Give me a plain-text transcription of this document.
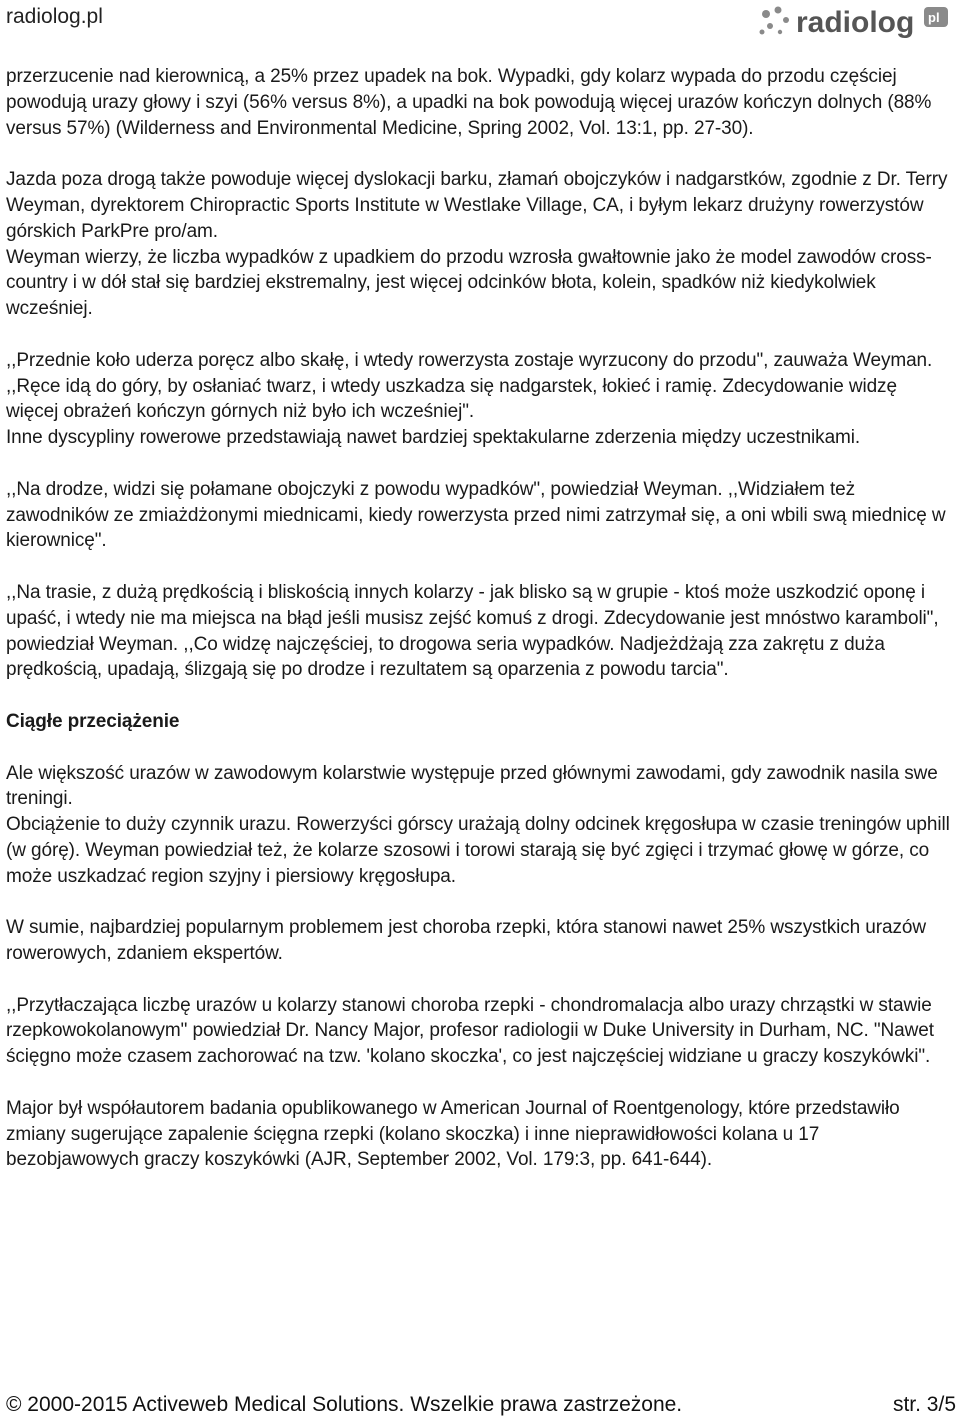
radiolog.pl	radiolog pl

przerzucenie nad kierownicą, a 25% przez upadek na bok. Wypadki, gdy kolarz wypada do przodu częściej powodują urazy głowy i szyi (56% versus 8%), a upadki na bok powodują więcej urazów kończyn dolnych (88% versus 57%) (Wilderness and Environmental Medicine, Spring 2002, Vol. 13:1, pp. 27-30).

Jazda poza drogą także powoduje więcej dyslokacji barku, złamań obojczyków i nadgarstków, zgodnie z Dr. Terry Weyman, dyrektorem Chiropractic Sports Institute w Westlake Village, CA, i byłym lekarz drużyny rowerzystów górskich ParkPre pro/am.

Weyman wierzy, że liczba wypadków z upadkiem do przodu wzrosła gwałtownie jako że model zawodów cross-country i w dół stał się bardziej ekstremalny, jest więcej odcinków błota, kolein, spadków niż kiedykolwiek wcześniej.

,,Przednie koło uderza poręcz albo skałę, i wtedy rowerzysta zostaje wyrzucony do przodu", zauważa Weyman. ,,Ręce idą do góry, by osłaniać twarz, i wtedy uszkadza się nadgarstek, łokieć i ramię. Zdecydowanie widzę więcej obrażeń kończyn górnych niż było ich wcześniej".

Inne dyscypliny rowerowe przedstawiają nawet bardziej spektakularne zderzenia między uczestnikami.

,,Na drodze, widzi się połamane obojczyki z powodu wypadków", powiedział Weyman. ,,Widziałem też zawodników ze zmiażdżonymi miednicami, kiedy rowerzysta przed nimi zatrzymał się, a oni wbili swą miednicę w kierownicę".

,,Na trasie, z dużą prędkością i bliskością innych kolarzy - jak blisko są w grupie - ktoś może uszkodzić oponę i upaść, i wtedy nie ma miejsca na błąd jeśli musisz zejść komuś z drogi. Zdecydowanie jest mnóstwo karamboli", powiedział Weyman. ,,Co widzę najczęściej, to drogowa seria wypadków. Nadjeżdżają zza zakrętu z duża prędkością, upadają, ślizgają się po drodze i rezultatem są oparzenia z powodu tarcia".

Ciągłe przeciążenie

Ale większość urazów w zawodowym kolarstwie występuje przed głównymi zawodami, gdy zawodnik nasila swe treningi.

Obciążenie to duży czynnik urazu. Rowerzyści górscy urażają dolny odcinek kręgosłupa w czasie treningów uphill (w górę). Weyman powiedział też, że kolarze szosowi i torowi starają się być zgięci i trzymać głowę w górze, co może uszkadzać region szyjny i piersiowy kręgosłupa.

W sumie, najbardziej popularnym problemem jest choroba rzepki, która stanowi nawet 25% wszystkich urazów rowerowych, zdaniem ekspertów.

,,Przytłaczająca liczbę urazów u kolarzy stanowi choroba rzepki - chondromalacja albo urazy chrząstki w stawie rzepkowokolanowym" powiedział Dr. Nancy Major, profesor radiologii w Duke University in Durham, NC. "Nawet ścięgno może czasem zachorować na tzw. 'kolano skoczka', co jest najczęściej widziane u graczy koszykówki".

Major był współautorem badania opublikowanego w American Journal of Roentgenology, które przedstawiło zmiany sugerujące zapalenie ścięgna rzepki (kolano skoczka) i inne nieprawidłowości kolana u 17 bezobjawowych graczy koszykówki (AJR, September 2002, Vol. 179:3, pp. 641-644).

© 2000-2015 Activeweb Medical Solutions. Wszelkie prawa zastrzeżone.	str. 3/5
